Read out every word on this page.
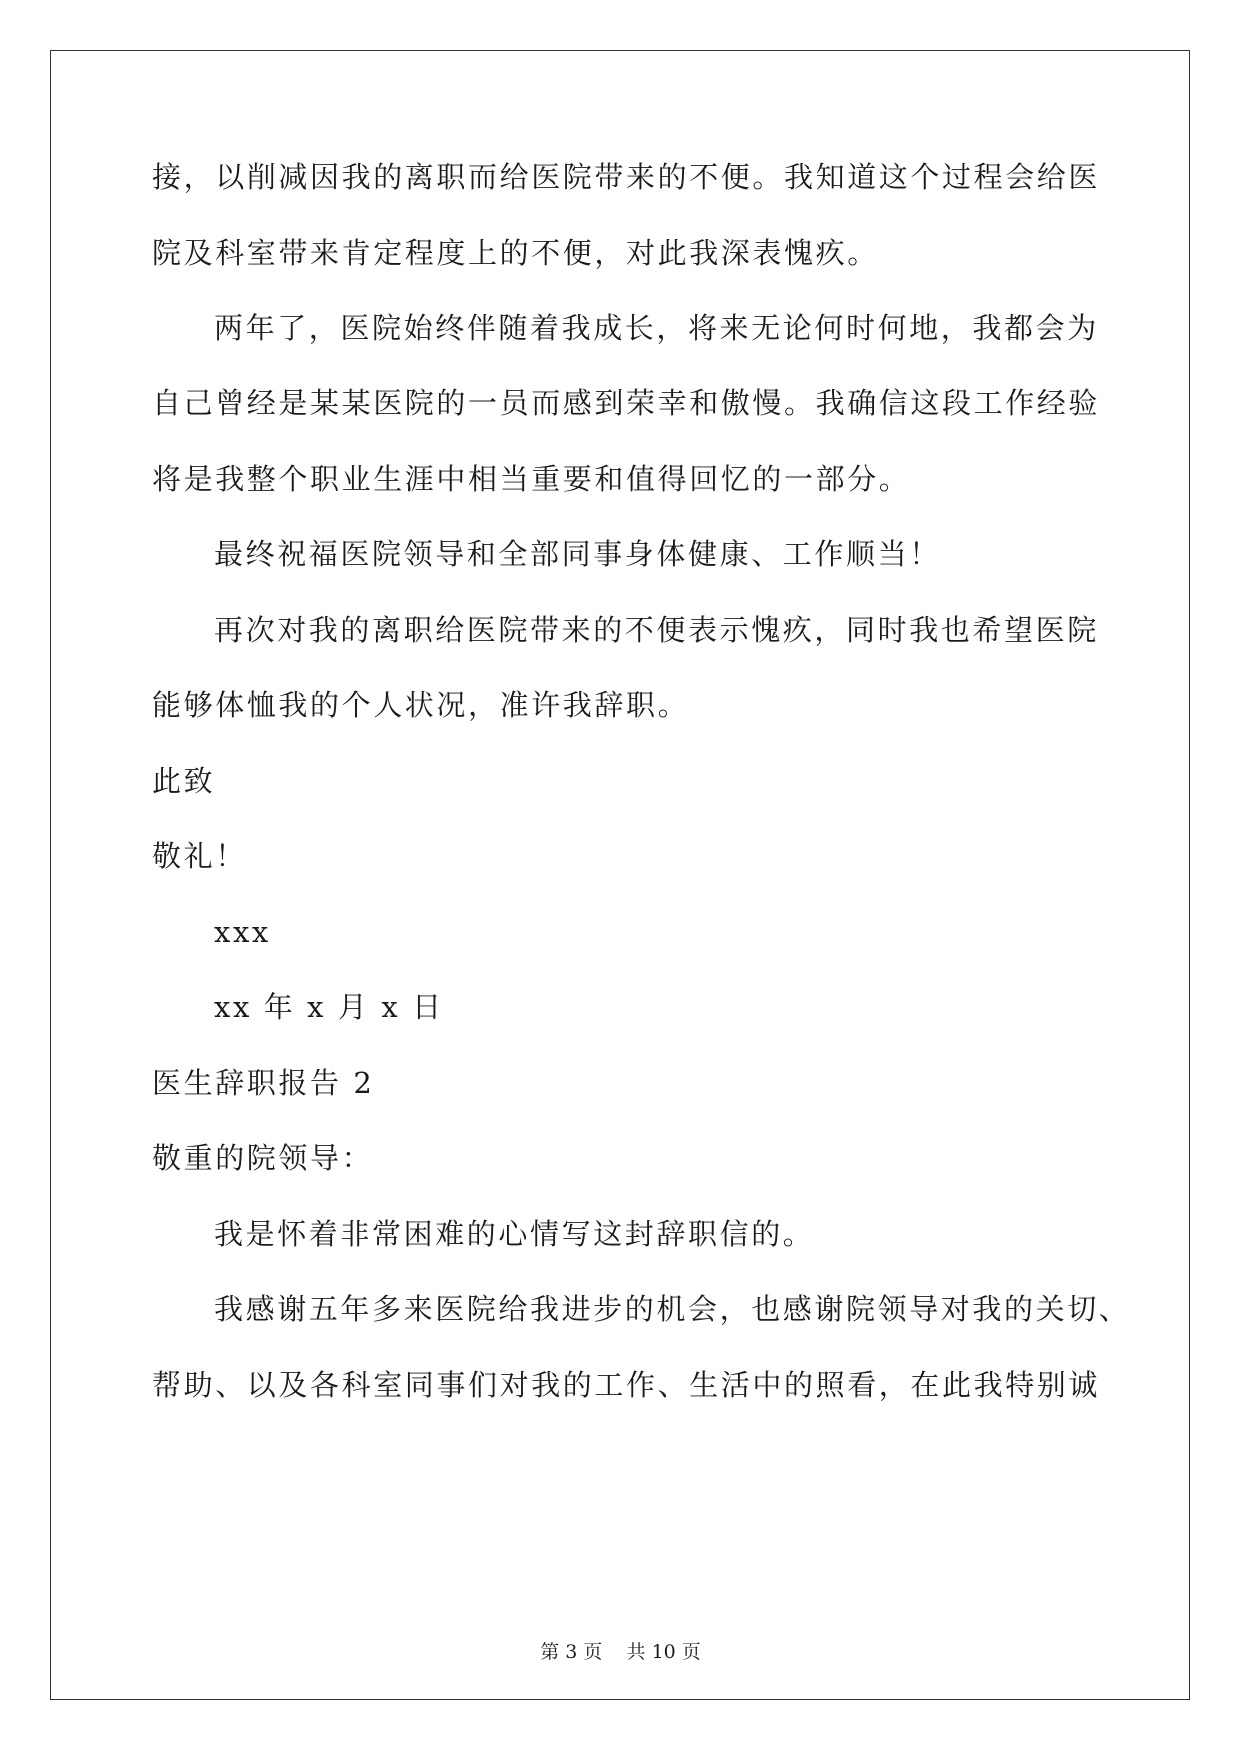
接，以削减因我的离职而给医院带来的不便。我知道这个过程会给医
院及科室带来肯定程度上的不便，对此我深表愧疚。
两年了，医院始终伴随着我成长，将来无论何时何地，我都会为
自己曾经是某某医院的一员而感到荣幸和傲慢。我确信这段工作经验
将是我整个职业生涯中相当重要和值得回忆的一部分。
最终祝福医院领导和全部同事身体健康、工作顺当！
再次对我的离职给医院带来的不便表示愧疚，同时我也希望医院
能够体恤我的个人状况，准许我辞职。
此致
敬礼！
xxx
xx 年 x 月 x 日
医生辞职报告 2
敬重的院领导：
我是怀着非常困难的心情写这封辞职信的。
我感谢五年多来医院给我进步的机会，也感谢院领导对我的关切、
帮助、以及各科室同事们对我的工作、生活中的照看，在此我特别诚
第 3 页 共 10 页
